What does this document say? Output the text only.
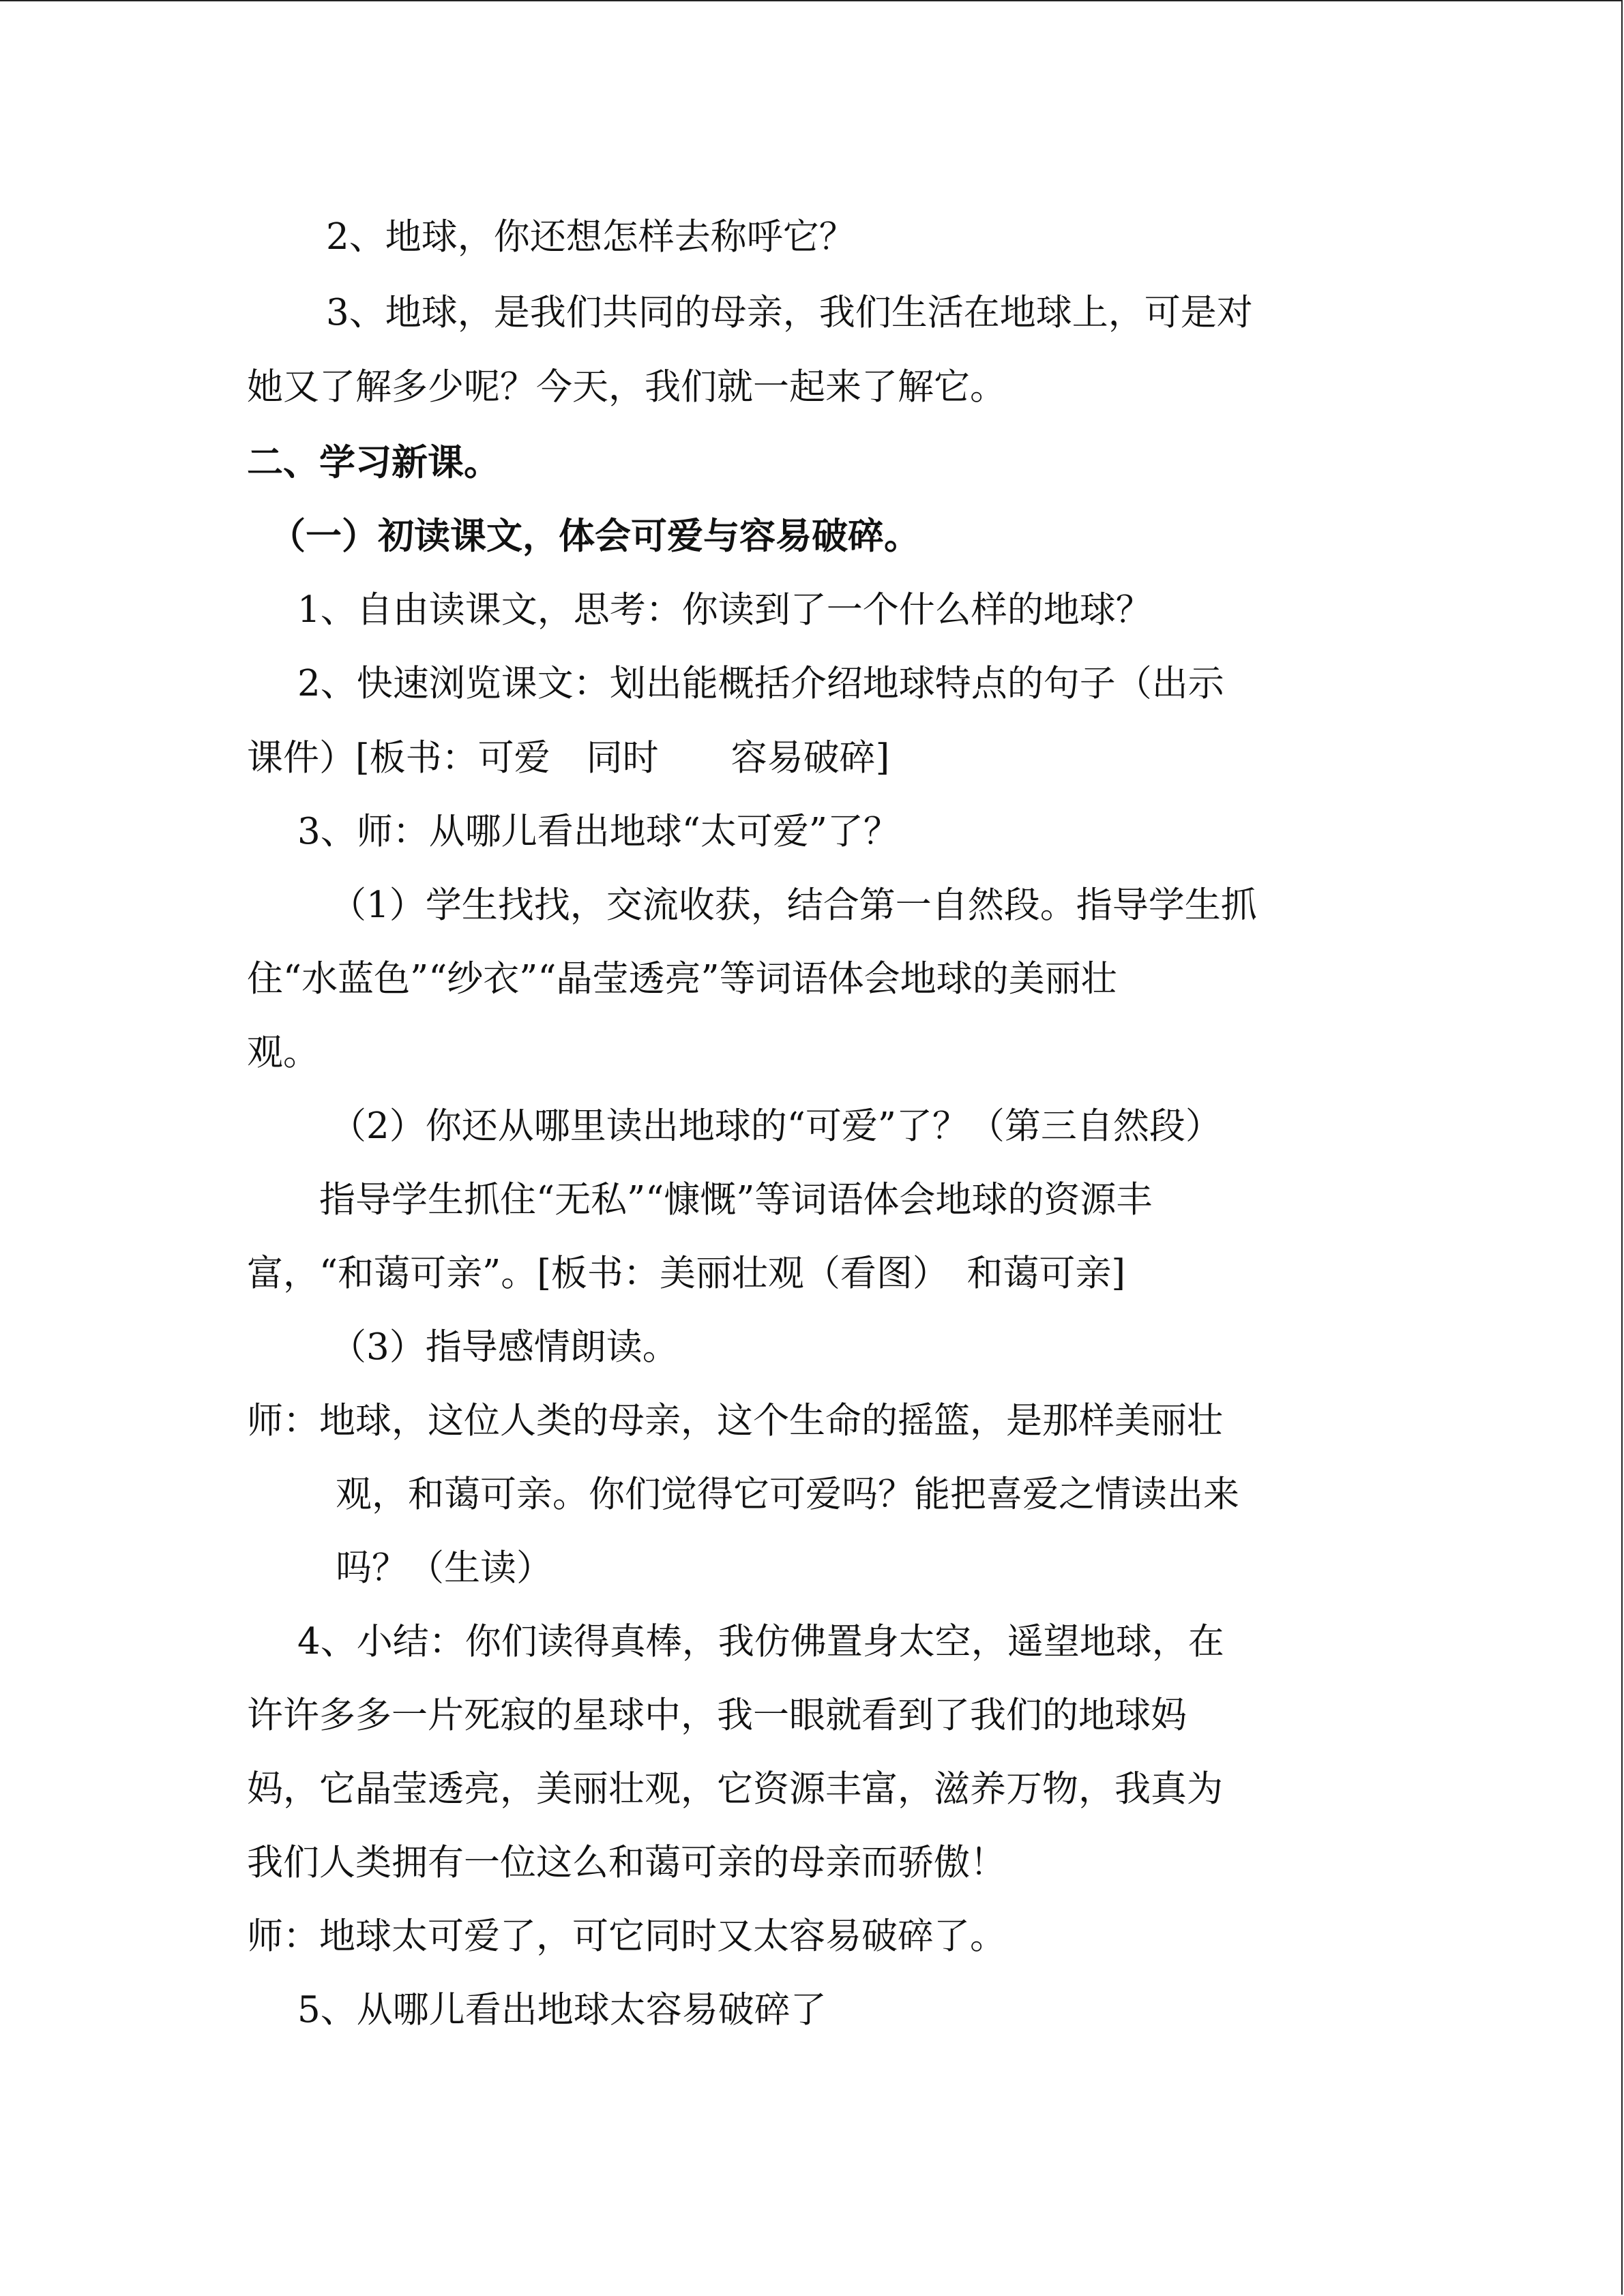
2、地球，你还想怎样去称呼它？
3、地球，是我们共同的母亲，我们生活在地球上，可是对
她又了解多少呢？今天，我们就一起来了解它。
二、学习新课。
（一）初读课文，体会可爱与容易破碎。
1、自由读课文，思考：你读到了一个什么样的地球？
2、快速浏览课文：划出能概括介绍地球特点的句子（出示
课件）[板书：可爱　同时　　容易破碎]
3、师：从哪儿看出地球“太可爱”了？
（1）学生找找，交流收获，结合第一自然段。指导学生抓
住“水蓝色”“纱衣”“晶莹透亮”等词语体会地球的美丽壮
观。
（2）你还从哪里读出地球的“可爱”了？（第三自然段）
指导学生抓住“无私”“慷慨”等词语体会地球的资源丰
富，“和蔼可亲”。[板书：美丽壮观（看图）　和蔼可亲]
（3）指导感情朗读。
师：地球，这位人类的母亲，这个生命的摇篮，是那样美丽壮
观，和蔼可亲。你们觉得它可爱吗？能把喜爱之情读出来
吗？（生读）
4、小结：你们读得真棒，我仿佛置身太空，遥望地球，在
许许多多一片死寂的星球中，我一眼就看到了我们的地球妈
妈，它晶莹透亮，美丽壮观，它资源丰富，滋养万物，我真为
我们人类拥有一位这么和蔼可亲的母亲而骄傲！
师：地球太可爱了，可它同时又太容易破碎了。
5、从哪儿看出地球太容易破碎了
